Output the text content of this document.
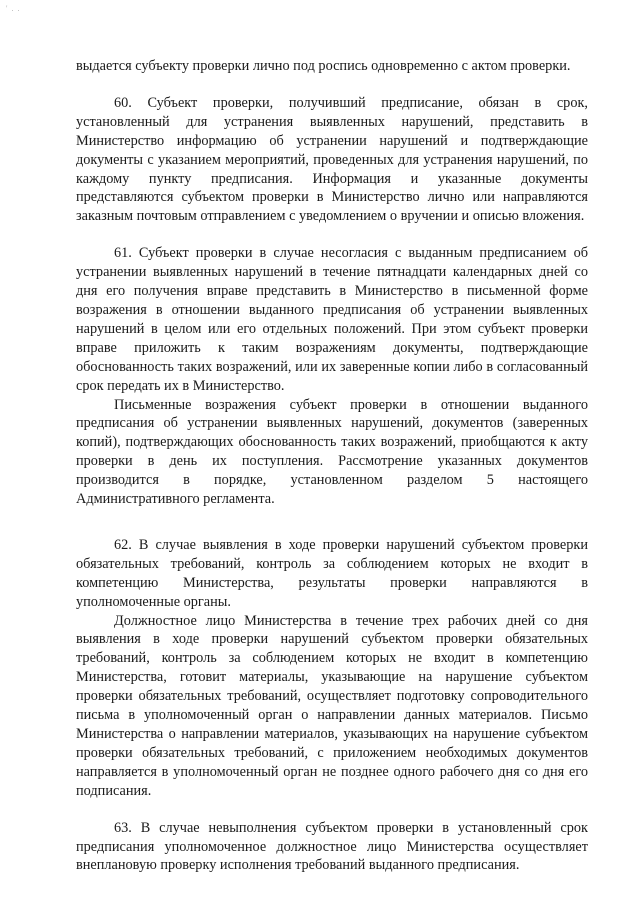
' . .

выдается субъекту проверки лично под роспись одновременно с актом проверки.

60. Субъект проверки, получивший предписание, обязан в срок, установленный для устранения выявленных нарушений, представить в Министерство информацию об устранении нарушений и подтверждающие документы с указанием мероприятий, проведенных для устранения нарушений, по каждому пункту предписания. Информация и указанные документы представляются субъектом проверки в Министерство лично или направляются заказным почтовым отправлением с уведомлением о вручении и описью вложения.

61. Субъект проверки в случае несогласия с выданным предписанием об устранении выявленных нарушений в течение пятнадцати календарных дней со дня его получения вправе представить в Министерство в письменной форме возражения в отношении выданного предписания об устранении выявленных нарушений в целом или его отдельных положений. При этом субъект проверки вправе приложить к таким возражениям документы, подтверждающие обоснованность таких возражений, или их заверенные копии либо в согласованный срок передать их в Министерство.

Письменные возражения субъект проверки в отношении выданного предписания об устранении выявленных нарушений, документов (заверенных копий), подтверждающих обоснованность таких возражений, приобщаются к акту проверки в день их поступления. Рассмотрение указанных документов производится в порядке, установленном разделом 5 настоящего Административного регламента.

62. В случае выявления в ходе проверки нарушений субъектом проверки обязательных требований, контроль за соблюдением которых не входит в компетенцию Министерства, результаты проверки направляются в уполномоченные органы.

Должностное лицо Министерства в течение трех рабочих дней со дня выявления в ходе проверки нарушений субъектом проверки обязательных требований, контроль за соблюдением которых не входит в компетенцию Министерства, готовит материалы, указывающие на нарушение субъектом проверки обязательных требований, осуществляет подготовку сопроводительного письма в уполномоченный орган о направлении данных материалов. Письмо Министерства о направлении материалов, указывающих на нарушение субъектом проверки обязательных требований, с приложением необходимых документов направляется в уполномоченный орган не позднее одного рабочего дня со дня его подписания.

63. В случае невыполнения субъектом проверки в установленный срок предписания уполномоченное должностное лицо Министерства осуществляет внеплановую проверку исполнения требований выданного предписания.
